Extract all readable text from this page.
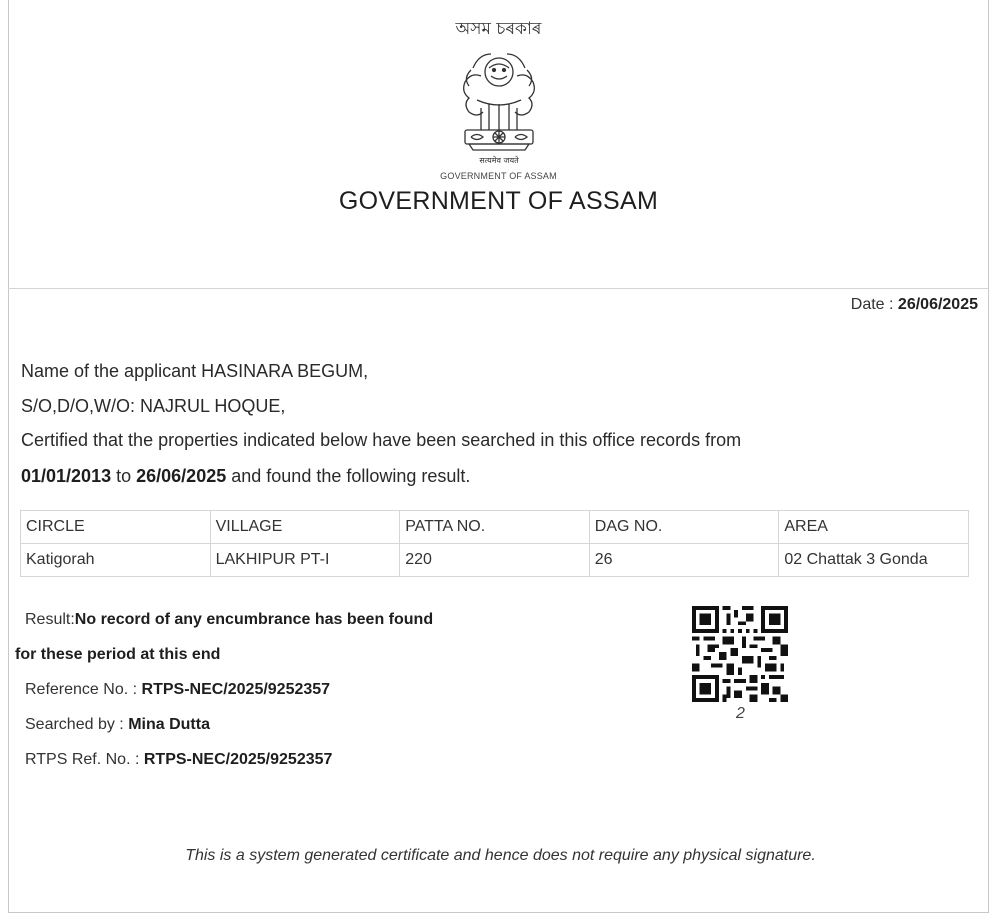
অসম চৰকাৰ
सत्यमेव जयते
GOVERNMENT OF ASSAM
GOVERNMENT OF ASSAM
Date : 26/06/2025
Name of the applicant HASINARA BEGUM,
S/O,D/O,W/O: NAJRUL HOQUE,
Certified that the properties indicated below have been searched in this office records from
01/01/2013 to 26/06/2025 and found the following result.
CIRCLE	VILLAGE	PATTA NO.	DAG NO.	AREA
Katigorah	LAKHIPUR PT-I	220	26	02 Chattak 3 Gonda
Result:No record of any encumbrance has been found
for these period at this end
Reference No. : RTPS-NEC/2025/9252357
Searched by : Mina Dutta
RTPS Ref. No. : RTPS-NEC/2025/9252357
2
This is a system generated certificate and hence does not require any physical signature.
